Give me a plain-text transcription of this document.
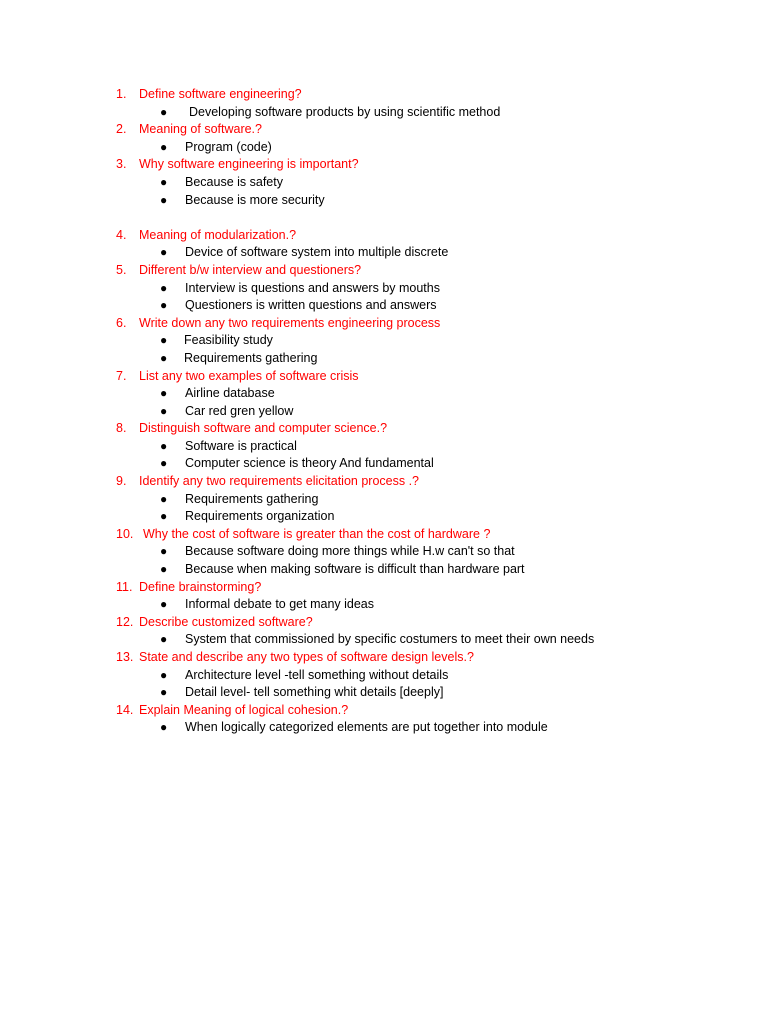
1. Define software engineering?
● Developing software products by using scientific method
2. Meaning of software.?
● Program (code)
3. Why software engineering is important?
● Because is safety
● Because is more security
4. Meaning of modularization.?
● Device of software system into multiple discrete
5. Different b/w interview and questioners?
● Interview is questions and answers by mouths
● Questioners is written questions and answers
6. Write down any two requirements engineering process
● Feasibility study
● Requirements gathering
7. List any two examples of software crisis
● Airline database
● Car red gren yellow
8. Distinguish software and computer science.?
● Software is practical
● Computer science is theory And fundamental
9. Identify any two requirements elicitation process .?
● Requirements gathering
● Requirements organization
10. Why the cost of software is greater than the cost of hardware ?
● Because software doing more things while H.w can't so that
● Because when making software is difficult than hardware part
11. Define brainstorming?
● Informal debate to get many ideas
12. Describe customized software?
● System that commissioned by specific costumers to meet their own needs
13. State and describe any two types of software design levels.?
● Architecture level -tell something without details
● Detail level- tell something whit details [deeply]
14. Explain Meaning of logical cohesion.?
● When logically categorized elements are put together into module
